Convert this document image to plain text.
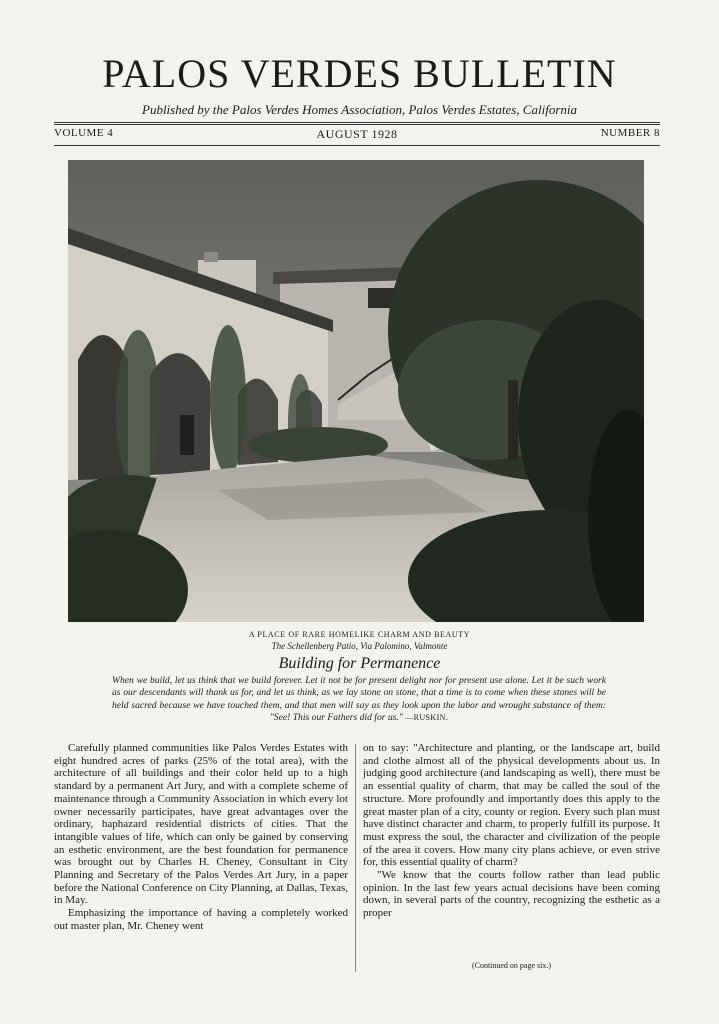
PALOS VERDES BULLETIN
Published by the Palos Verdes Homes Association, Palos Verdes Estates, California
VOLUME 4	AUGUST 1928	NUMBER 8
A PLACE OF RARE HOMELIKE CHARM AND BEAUTY
The Schellenberg Patio, Via Palomino, Valmonte
Building for Permanence
When we build, let us think that we build forever. Let it not be for present delight nor for present use alone. Let it be such work as our descendants will thank us for, and let us think, as we lay stone on stone, that a time is to come when these stones will be held sacred because we have touched them, and that men will say as they look upon the labor and wrought substance of them: "See! This our Fathers did for us." —RUSKIN.

Carefully planned communities like Palos Verdes Estates with eight hundred acres of parks (25% of the total area), with the architecture of all buildings and their color held up to a high standard by a permanent Art Jury, and with a complete scheme of maintenance through a Community Association in which every lot owner necessarily participates, have great advantages over the ordinary, haphazard residential districts of cities. That the intangible values of life, which can only be gained by conserving an esthetic environment, are the best foundation for permanence was brought out by Charles H. Cheney, Consultant in City Planning and Secretary of the Palos Verdes Art Jury, in a paper before the National Conference on City Planning, at Dallas, Texas, in May.

Emphasizing the importance of having a completely worked out master plan, Mr. Cheney went

on to say: "Architecture and planting, or the landscape art, build and clothe almost all of the physical developments about us. In judging good architecture (and landscaping as well), there must be an essential quality of charm, that may be called the soul of the structure. More profoundly and importantly does this apply to the great master plan of a city, county or region. Every such plan must have distinct character and charm, to properly fulfill its purpose. It must express the soul, the character and civilization of the people of the area it covers. How many city plans achieve, or even strive for, this essential quality of charm?

"We know that the courts follow rather than lead public opinion. In the last few years actual decisions have been coming down, in several parts of the country, recognizing the esthetic as a proper

(Continued on page six.)
